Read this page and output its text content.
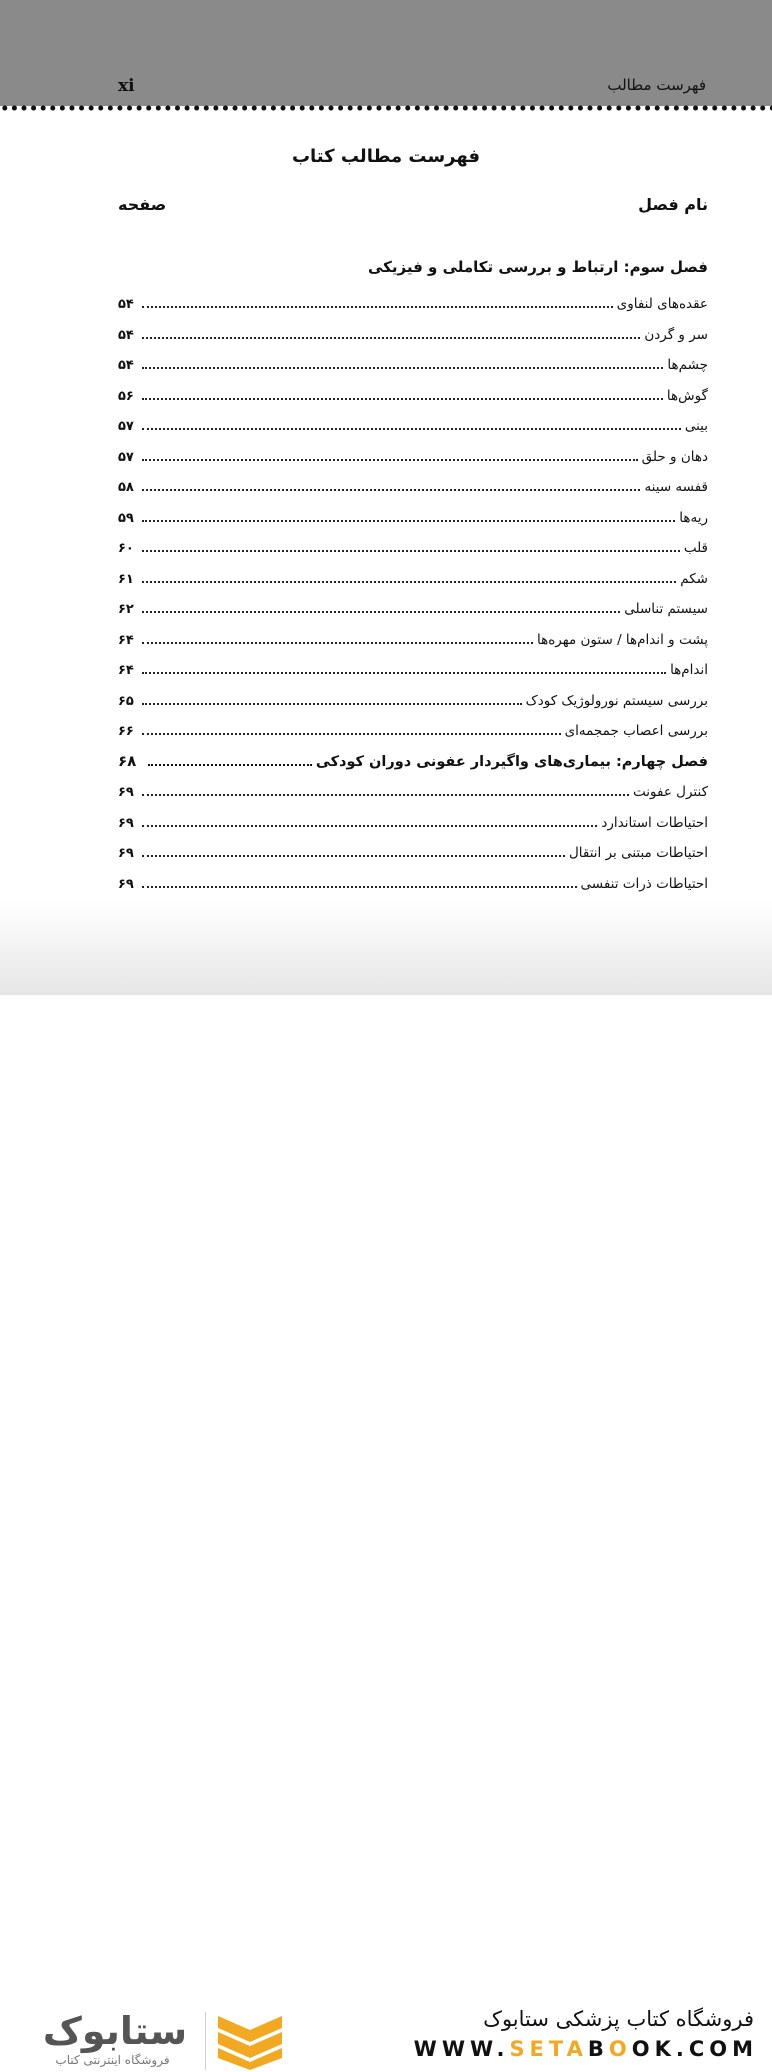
xi	فهرست مطالب
فهرست مطالب کتاب
نام فصل
صفحه
فصل سوم: ارتباط و بررسی تکاملی و فیزیکی
عقده‌های لنفاوی
۵۴
سر و گردن
۵۴
چشم‌ها
۵۴
گوش‌ها
۵۶
بینی
۵۷
دهان و حلق
۵۷
قفسه سینه
۵۸
ریه‌ها
۵۹
قلب
۶۰
شکم
۶۱
سیستم تناسلی
۶۲
پشت و اندام‌ها / ستون مهره‌ها
۶۴
اندام‌ها
۶۴
بررسی سیستم نورولوژیک کودک
۶۵
بررسی اعصاب جمجمه‌ای
۶۶
فصل چهارم: بیماری‌های واگیردار عفونی دوران کودکی
۶۸
کنترل عفونت
۶۹
احتیاطات استاندارد
۶۹
احتیاطات مبتنی بر انتقال
۶۹
احتیاطات ذرات تنفسی
۶۹
ستابوک
فروشگاه اینترنتی کتاب
فروشگاه کتاب پزشکی ستابوک
WWW.SETABOOK.COM
